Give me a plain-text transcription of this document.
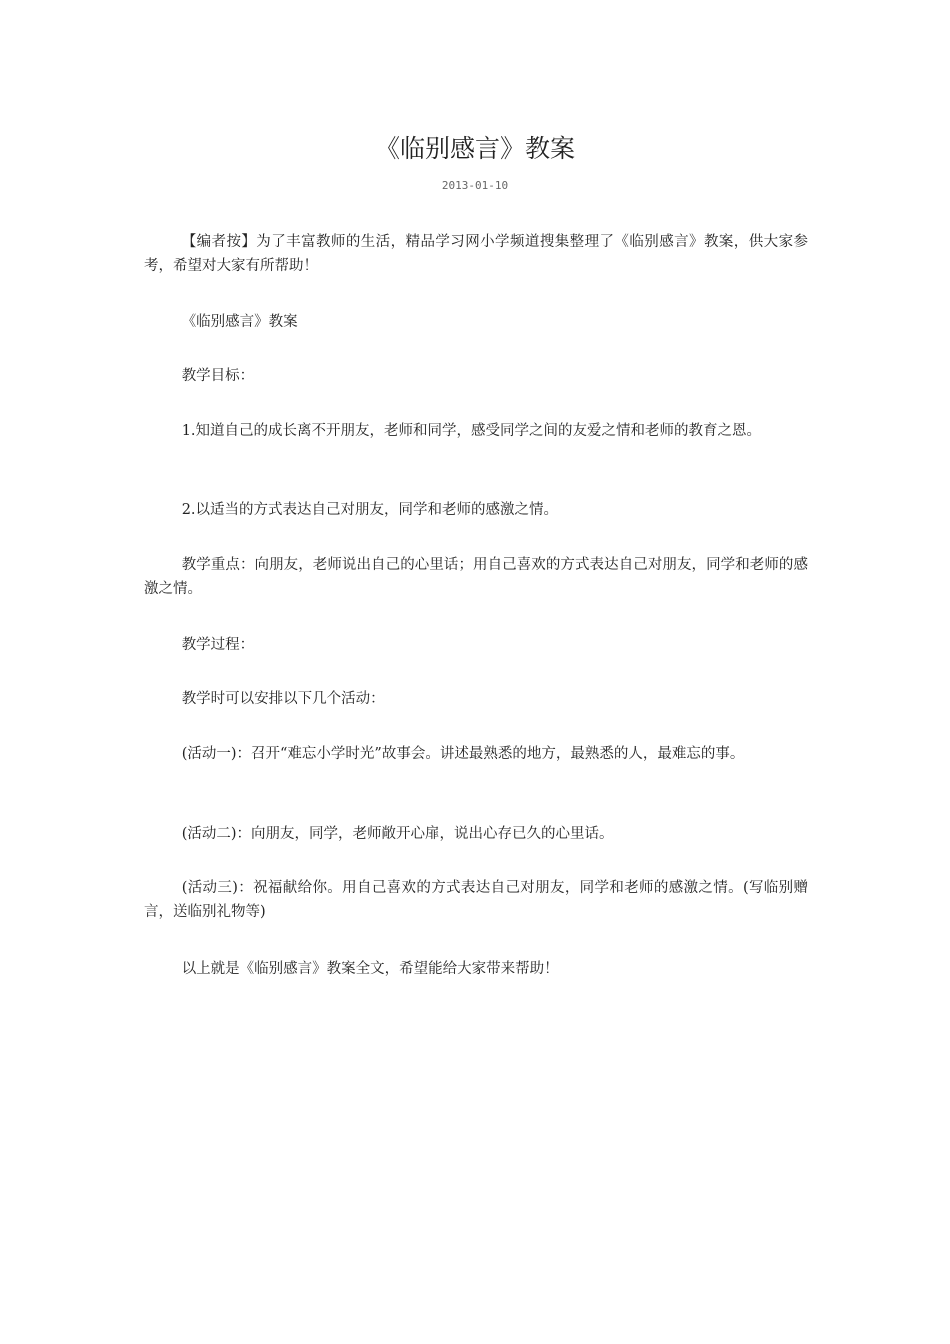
《临别感言》教案
2013-01-10

【编者按】为了丰富教师的生活，精品学习网小学频道搜集整理了《临别感言》教案，供大家参考，希望对大家有所帮助！

《临别感言》教案

教学目标：

1.知道自己的成长离不开朋友，老师和同学，感受同学之间的友爱之情和老师的教育之恩。

2.以适当的方式表达自己对朋友，同学和老师的感激之情。

教学重点：向朋友，老师说出自己的心里话；用自己喜欢的方式表达自己对朋友，同学和老师的感激之情。

教学过程：

教学时可以安排以下几个活动：

(活动一)：召开“难忘小学时光”故事会。讲述最熟悉的地方，最熟悉的人，最难忘的事。

(活动二)：向朋友，同学，老师敞开心扉，说出心存已久的心里话。

(活动三)：祝福献给你。用自己喜欢的方式表达自己对朋友，同学和老师的感激之情。(写临别赠言，送临别礼物等)

以上就是《临别感言》教案全文，希望能给大家带来帮助！
